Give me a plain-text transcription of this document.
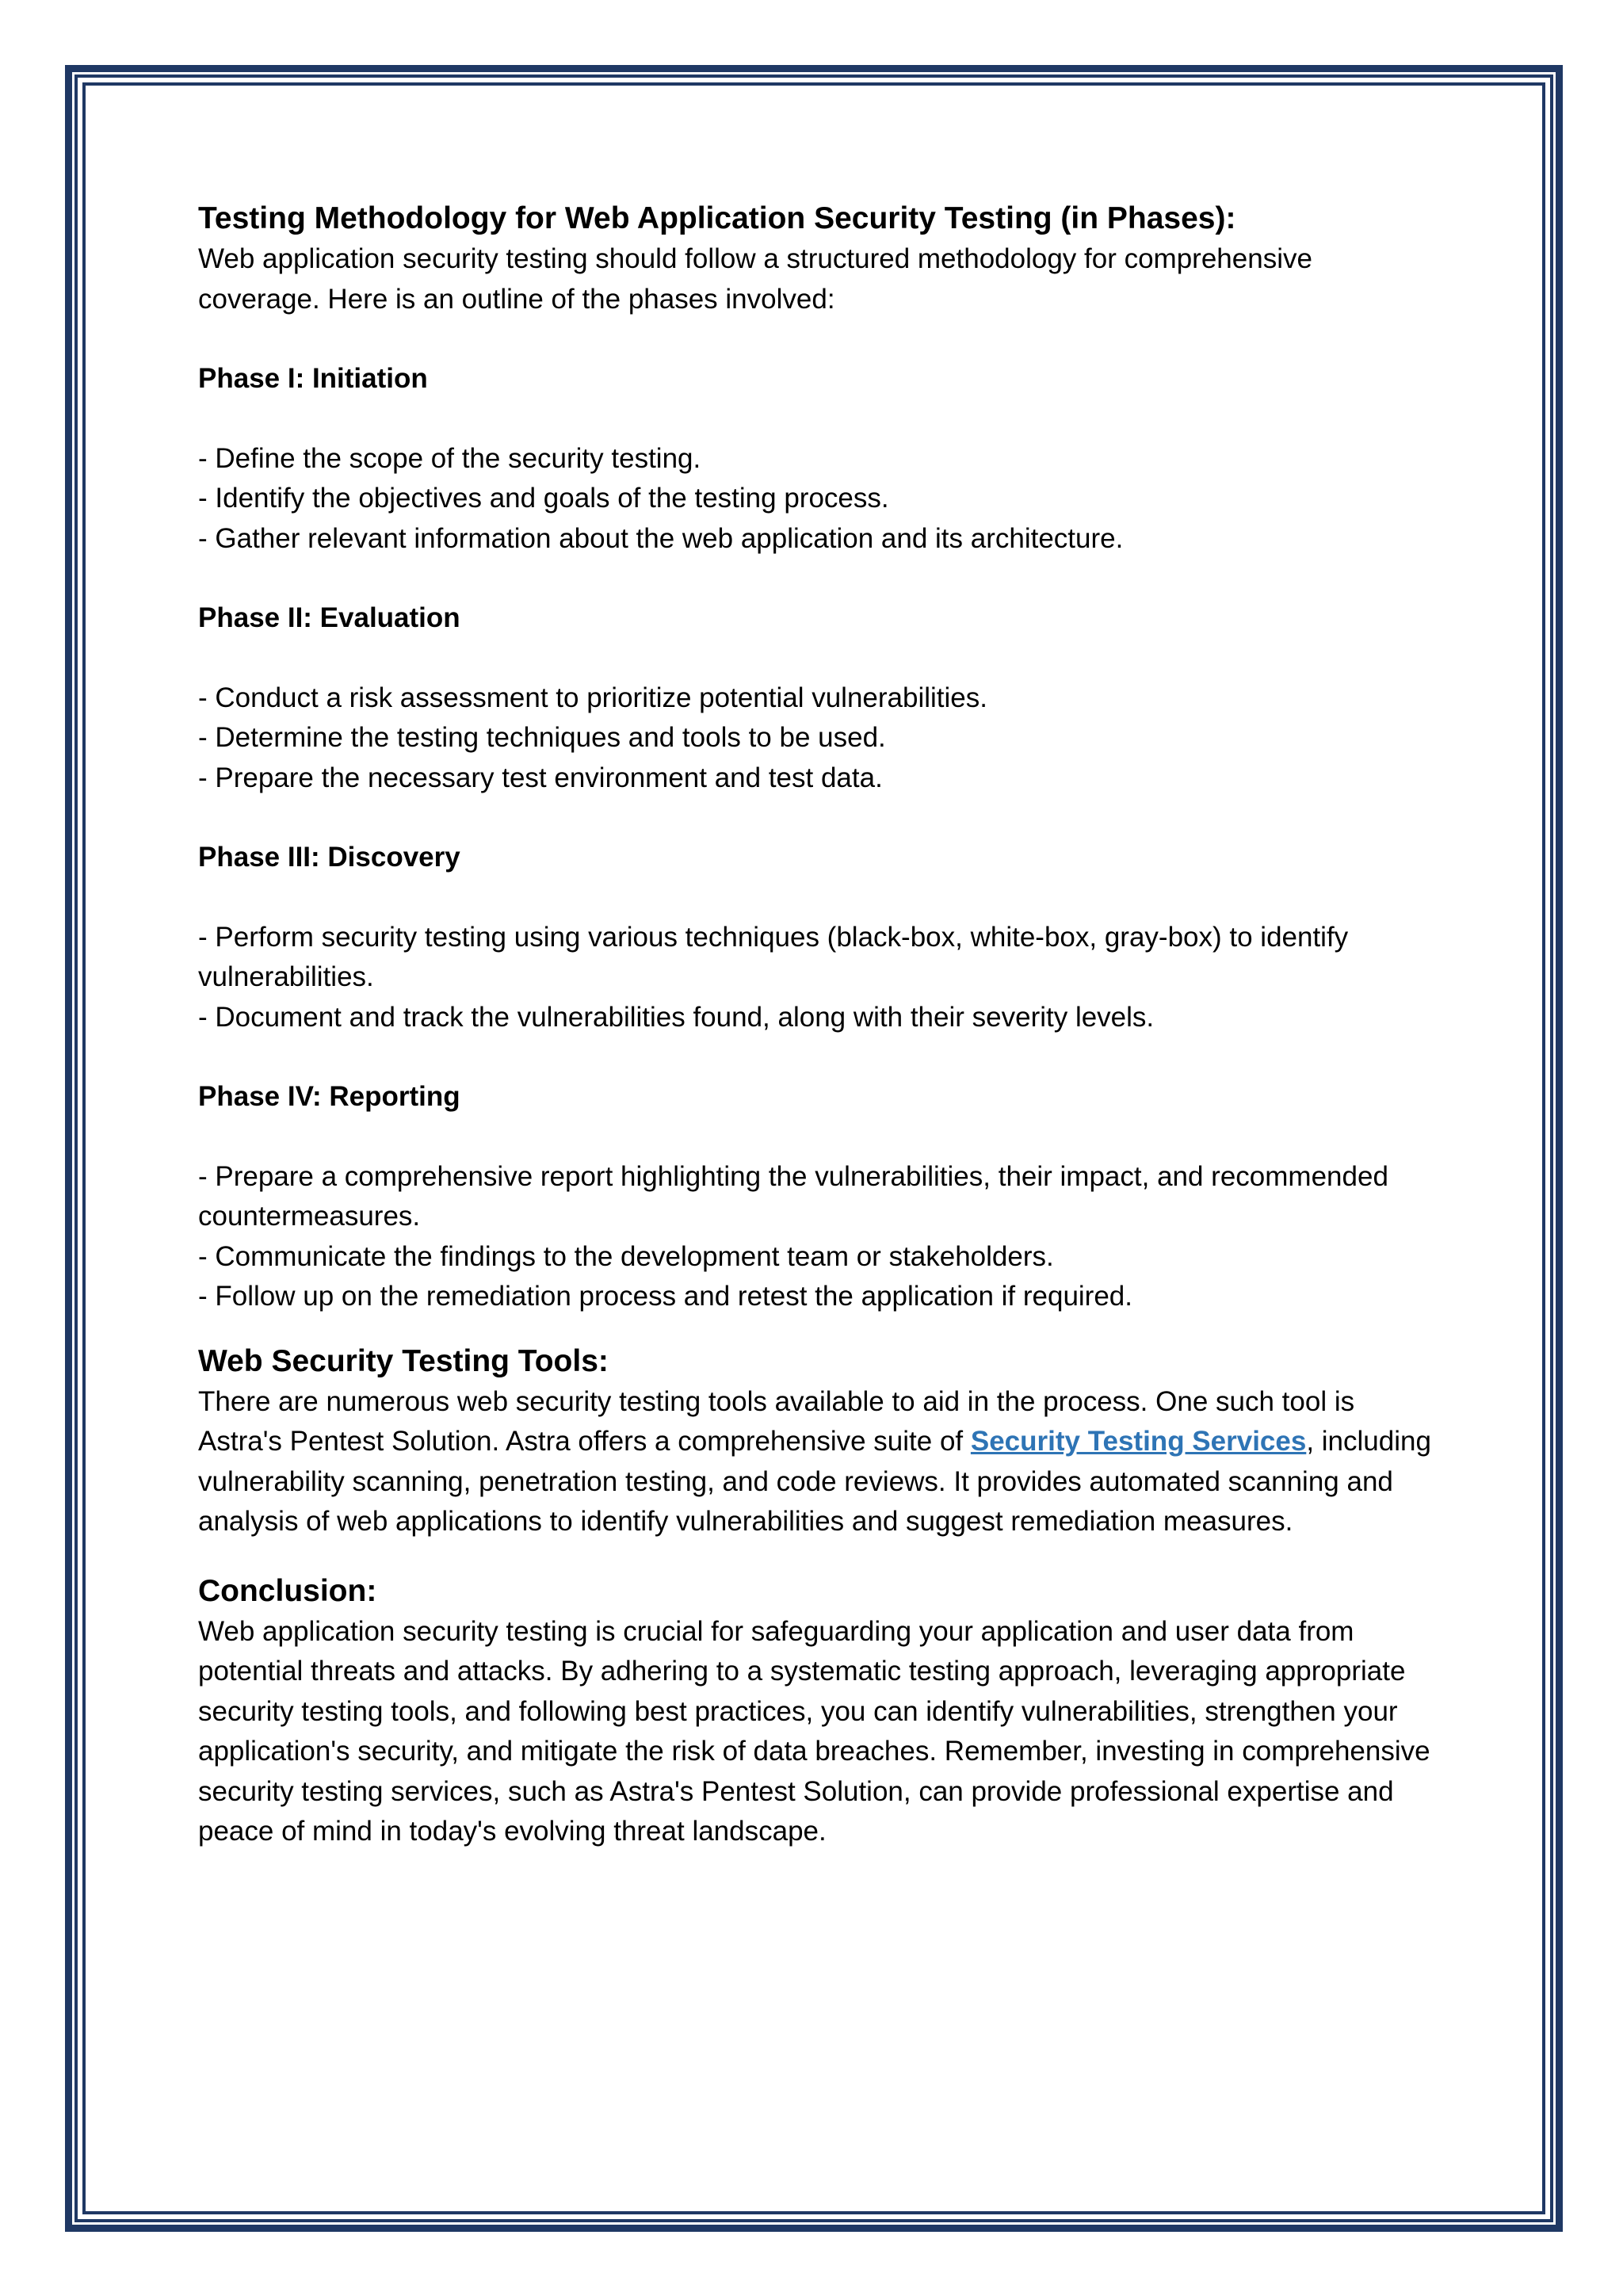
Testing Methodology for Web Application Security Testing (in Phases):

Web application security testing should follow a structured methodology for comprehensive coverage. Here is an outline of the phases involved:

Phase I: Initiation

- Define the scope of the security testing.
- Identify the objectives and goals of the testing process.
- Gather relevant information about the web application and its architecture.

Phase II: Evaluation

- Conduct a risk assessment to prioritize potential vulnerabilities.
- Determine the testing techniques and tools to be used.
- Prepare the necessary test environment and test data.

Phase III: Discovery

- Perform security testing using various techniques (black-box, white-box, gray-box) to identify vulnerabilities.
- Document and track the vulnerabilities found, along with their severity levels.

Phase IV: Reporting

- Prepare a comprehensive report highlighting the vulnerabilities, their impact, and recommended countermeasures.
- Communicate the findings to the development team or stakeholders.
- Follow up on the remediation process and retest the application if required.
Web Security Testing Tools:

There are numerous web security testing tools available to aid in the process. One such tool is Astra's Pentest Solution. Astra offers a comprehensive suite of Security Testing Services, including vulnerability scanning, penetration testing, and code reviews. It provides automated scanning and analysis of web applications to identify vulnerabilities and suggest remediation measures.

Conclusion:

Web application security testing is crucial for safeguarding your application and user data from potential threats and attacks. By adhering to a systematic testing approach, leveraging appropriate security testing tools, and following best practices, you can identify vulnerabilities, strengthen your application's security, and mitigate the risk of data breaches. Remember, investing in comprehensive security testing services, such as Astra's Pentest Solution, can provide professional expertise and peace of mind in today's evolving threat landscape.
